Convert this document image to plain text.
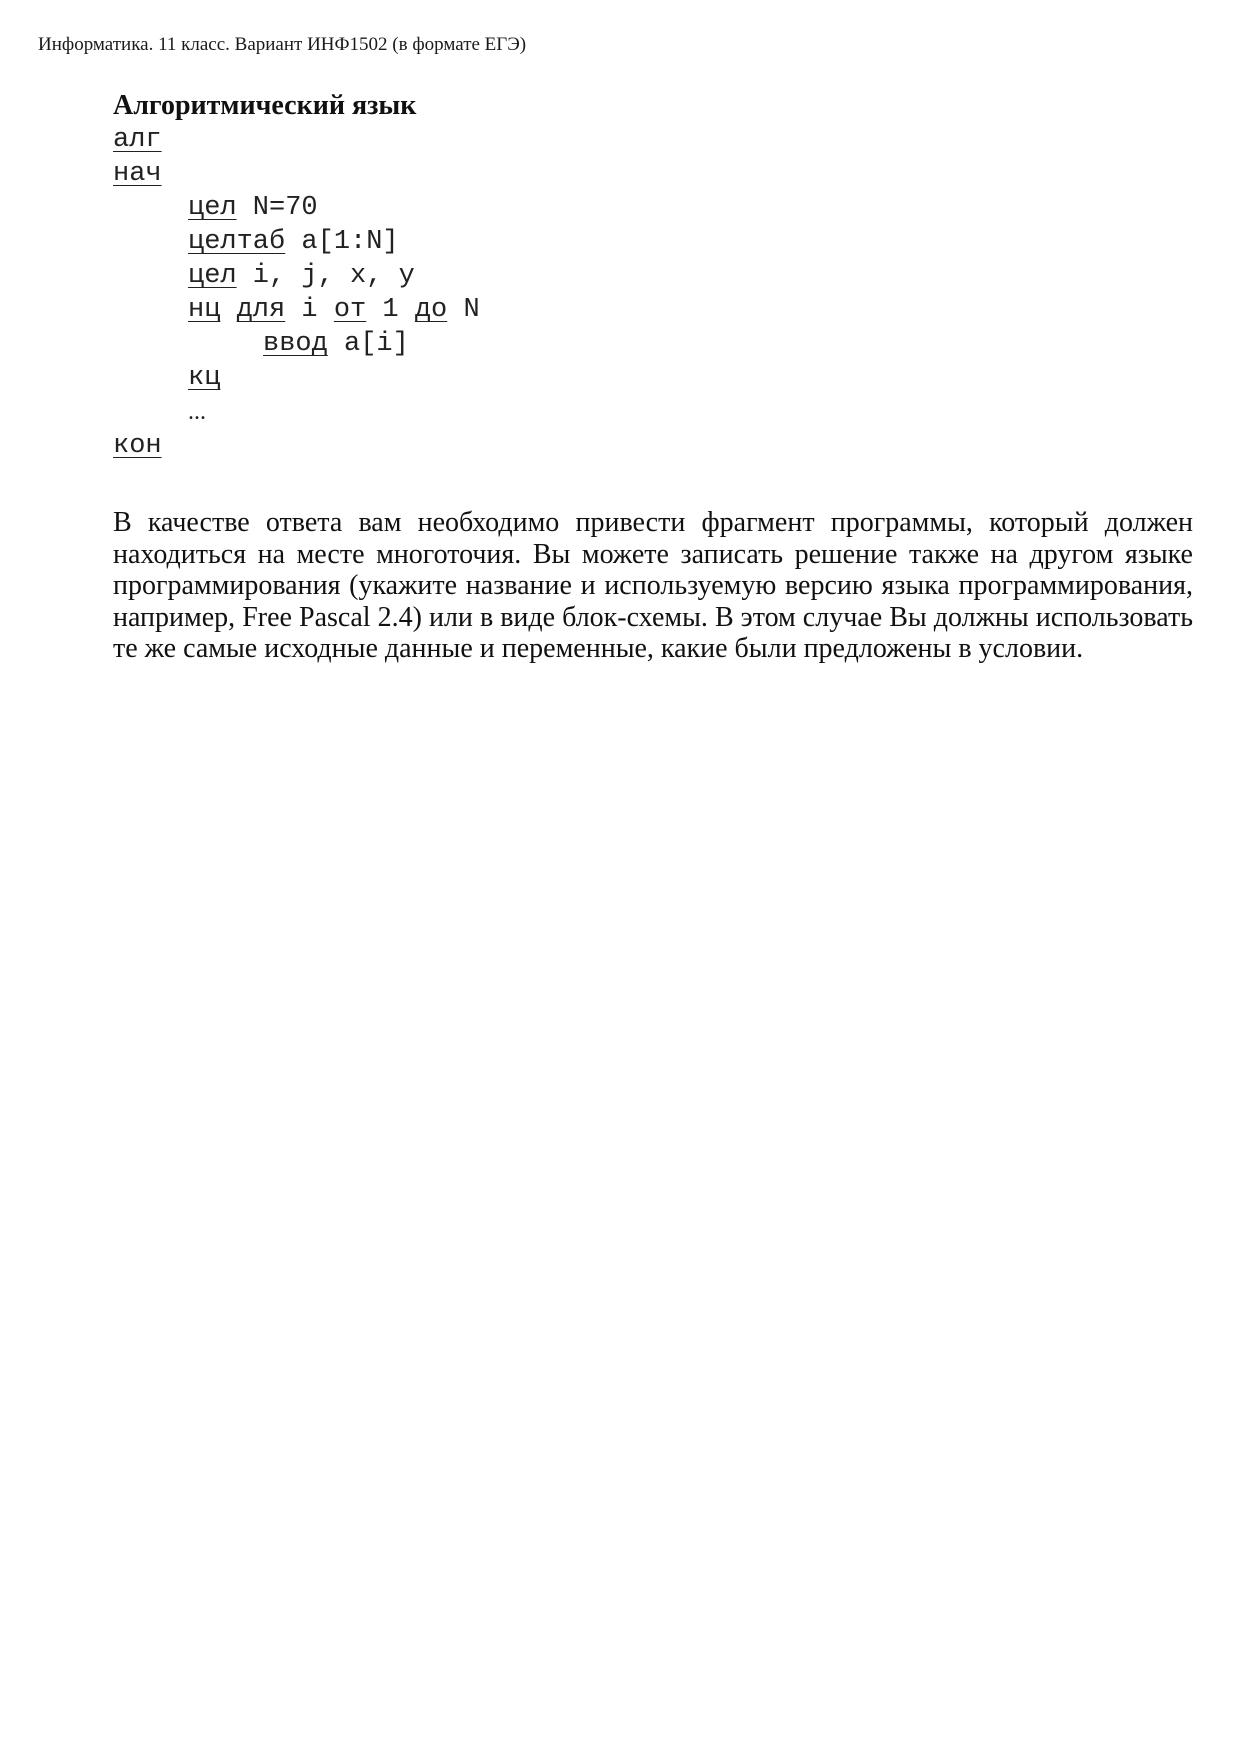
Информатика. 11 класс. Вариант ИНФ1502 (в формате ЕГЭ)
Алгоритмический язык
алг
нач
цел N=70
целтаб a[1:N]
цел i, j, x, y
нц для i от 1 до N
ввод a[i]
кц
...
кон

В качестве ответа вам необходимо привести фрагмент программы, который должен находиться на месте многоточия. Вы можете записать решение также на другом языке программирования (укажите название и используемую версию языка программирования, например, Free Pascal 2.4) или в виде блок-схемы. В этом случае Вы должны использовать те же самые исходные данные и переменные, какие были предложены в условии.
